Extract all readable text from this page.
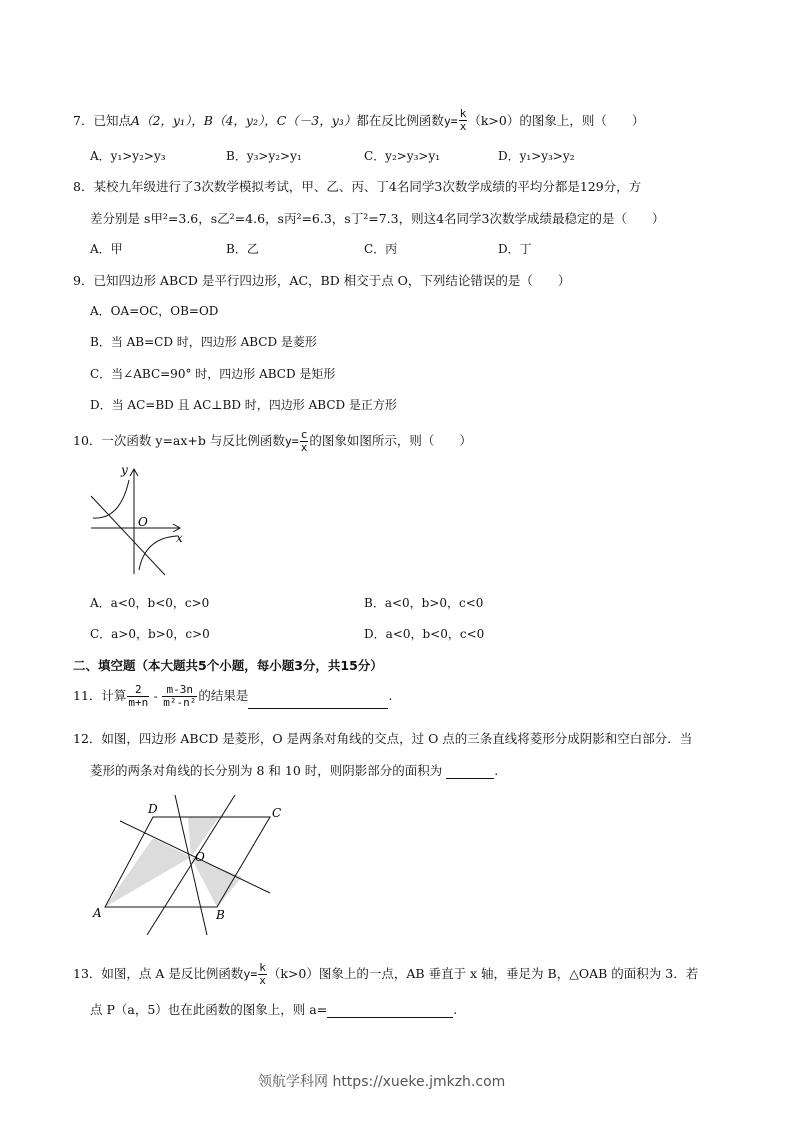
7．已知点A（2，y₁），B（4，y₂），C（－3，y₃）都在反比例函数$y= \frac{k}{x} (k>0)$的图象上，则（　　）
A．y₁>y₂>y₃	B．y₃>y₂>y₁	C．y₂>y₃>y₁	D．y₁>y₃>y₂
8．某校九年级进行了3次数学模拟考试，甲、乙、丙、丁4名同学3次数学成绩的平均分都是129分，方
差分别是 s甲²=3.6，s乙²=4.6，s丙²=6.3，s丁²=7.3，则这4名同学3次数学成绩最稳定的是（　　）
A．甲	B．乙	C．丙	D．丁
9．已知四边形 ABCD 是平行四边形，AC，BD 相交于点 O，下列结论错误的是（　　）
A．OA=OC，OB=OD
B．当 AB=CD 时，四边形 ABCD 是菱形
C．当∠ABC=90° 时，四边形 ABCD 是矩形
D．当 AC=BD 且 AC⊥BD 时，四边形 ABCD 是正方形
10．一次函数 y=ax+b 与反比例函数$y= \frac{c}{x}$ 的图象如图所示，则（　　）
y
x
O
A．a<0，b<0，c>0	B．a<0，b>0，c<0
C．a>0，b>0，c>0	D．a<0，b<0，c<0
二、填空题（本大题共5个小题，每小题3分，共15分）
11．计算 $\frac{2}{m+n} - \frac{m-3n}{\text{m²-n²}}$ 的结果是	.
12．如图，四边形 ABCD 是菱形，O 是两条对角线的交点，过 O 点的三条直线将菱形分成阴影和空白部分．当
菱形的两条对角线的长分别为 8 和 10 时，则阴影部分的面积为	.
D	C
A	B
O
13．如图，点 A 是反比例函数$y= \frac{k}{x} (k>0)$图象上的一点，AB 垂直于 x 轴，垂足为 B，△OAB 的面积为 3．若
点 P（a，5）也在此函数的图象上，则 a=	.
领航学科网 https://xueke.jmkzh.com
